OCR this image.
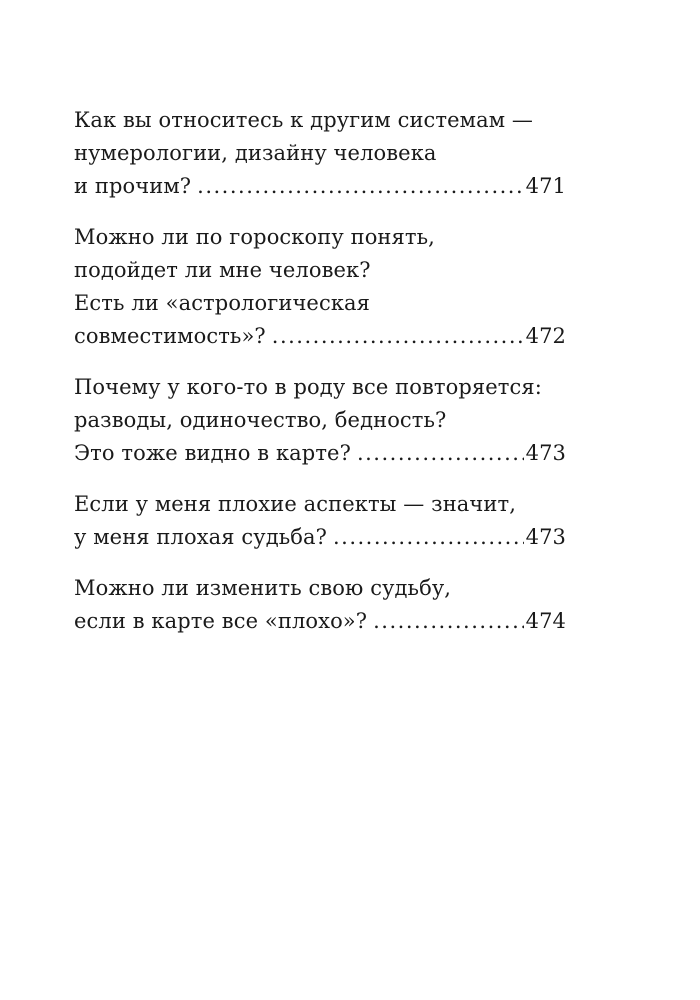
Как вы относитесь к другим системам —
нумерологии, дизайну человека
и прочим? .....	471
Можно ли по гороскопу понять,
подойдет ли мне человек?
Есть ли «астрологическая
совместимость»? .....	472
Почему у кого-то в роду все повторяется:
разводы, одиночество, бедность?
Это тоже видно в карте? .....	473
Если у меня плохие аспекты — значит,
у меня плохая судьба? .....	473
Можно ли изменить свою судьбу,
если в карте все «плохо»? .....	474
